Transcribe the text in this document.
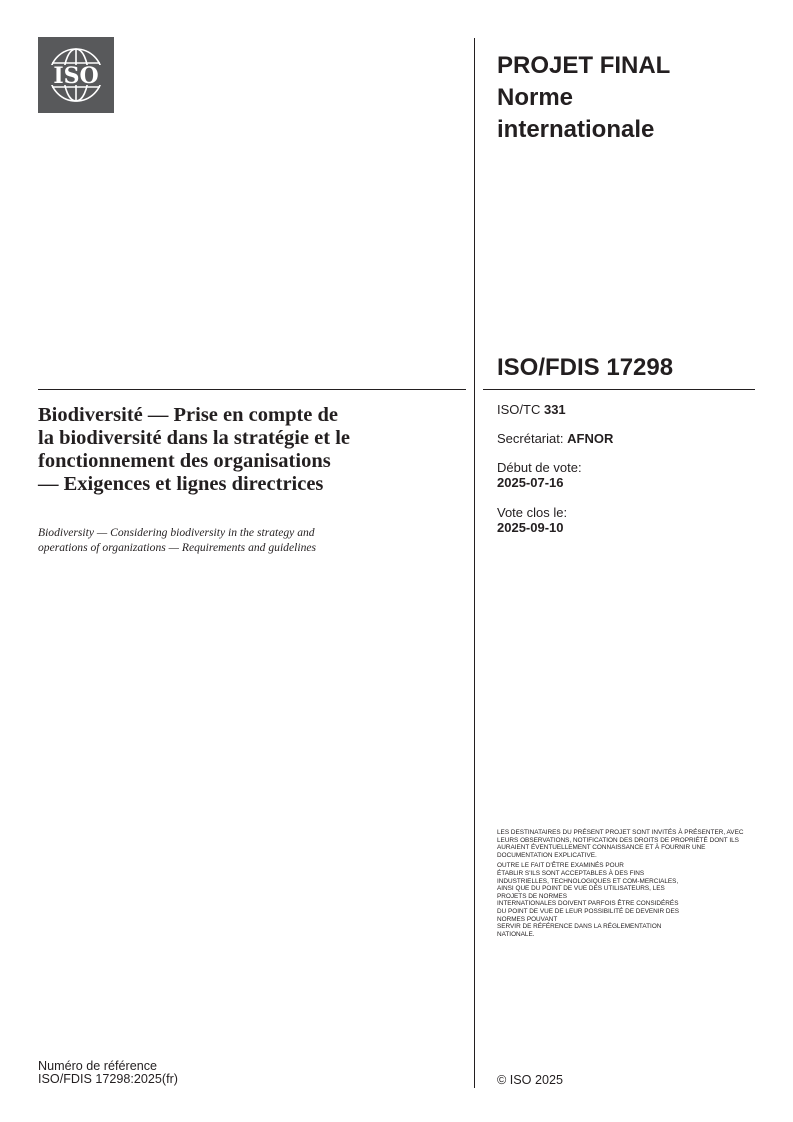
ISO	PROJET FINAL
Norme
internationale
ISO/FDIS 17298
Biodiversité — Prise en compte de
la biodiversité dans la stratégie et le
fonctionnement des organisations
— Exigences et lignes directrices
Biodiversity — Considering biodiversity in the strategy and
operations of organizations — Requirements and guidelines
ISO/TC 331
Secrétariat: AFNOR
Début de vote:
2025-07-16
Vote clos le:
2025-09-10

LES DESTINATAIRES DU PRÉSENT PROJET SONT INVITÉS À PRÉSENTER, AVEC LEURS OBSERVATIONS, NOTIFICATION DES DROITS DE PROPRIÉTÉ DONT ILS AURAIENT ÉVENTUELLEMENT CONNAISSANCE ET À FOURNIR UNE DOCUMENTATION EXPLICATIVE.

OUTRE LE FAIT D'ÊTRE EXAMINÉS POUR
ÉTABLIR S'ILS SONT ACCEPTABLES À DES FINS
INDUSTRIELLES, TECHNOLOGIQUES ET COM-MERCIALES,
AINSI QUE DU POINT DE VUE DES UTILISATEURS, LES
PROJETS DE NORMES
INTERNATIONALES DOIVENT PARFOIS ÊTRE CONSIDÉRÉS
DU POINT DE VUE DE LEUR POSSIBILITÉ DE DEVENIR DES
NORMES POUVANT
SERVIR DE RÉFÉRENCE DANS LA RÉGLEMENTATION
NATIONALE.

Numéro de référence
ISO/FDIS 17298:2025(fr)	© ISO 2025
